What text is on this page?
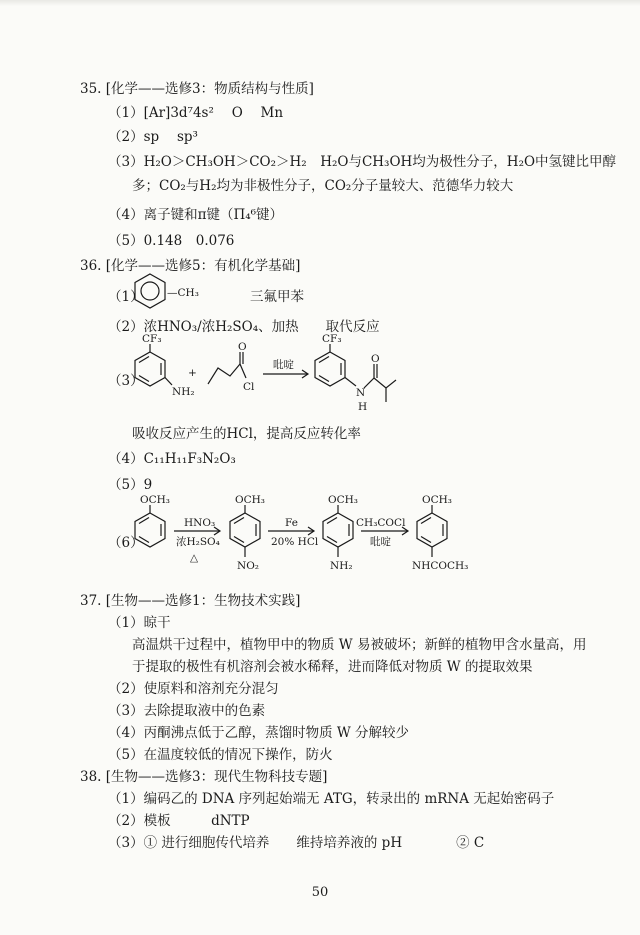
35. [化学——选修3：物质结构与性质]
（1）[Ar]3d⁷4s²　 O　 Mn
（2）sp　 sp³
（3）H₂O＞CH₃OH＞CO₂＞H₂　H₂O与CH₃OH均为极性分子，H₂O中氢键比甲醇
多；CO₂与H₂均为非极性分子，CO₂分子量较大、范德华力较大
（4）离子键和π键（Π₄⁶键）
（5）0.148　0.076
36. [化学——选修5：有机化学基础]
（1） —CH₃	三氟甲苯
（2）浓HNO₃/浓H₂SO₄、加热　　取代反应
（3）
CF₃
NH₂
+
O
Cl
吡啶
CF₃
N
H
O
吸收反应产生的HCl，提高反应转化率
（4）C₁₁H₁₁F₃N₂O₃
（5）9
（6）
OCH₃
HNO₃
浓H₂SO₄
△
OCH₃
NO₂
Fe
20% HCl
OCH₃
NH₂
CH₃COCl
吡啶
OCH₃
NHCOCH₃
37. [生物——选修1：生物技术实践]
（1）晾干
高温烘干过程中，植物甲中的物质 W 易被破坏；新鲜的植物甲含水量高，用
于提取的极性有机溶剂会被水稀释，进而降低对物质 W 的提取效果
（2）使原料和溶剂充分混匀
（3）去除提取液中的色素
（4）丙酮沸点低于乙醇，蒸馏时物质 W 分解较少
（5）在温度较低的情况下操作，防火
38. [生物——选修3：现代生物科技专题]
（1）编码乙的 DNA 序列起始端无 ATG，转录出的 mRNA 无起始密码子
（2）模板　　　dNTP
（3）① 进行细胞传代培养　　维持培养液的 pH　　　　② C
50
